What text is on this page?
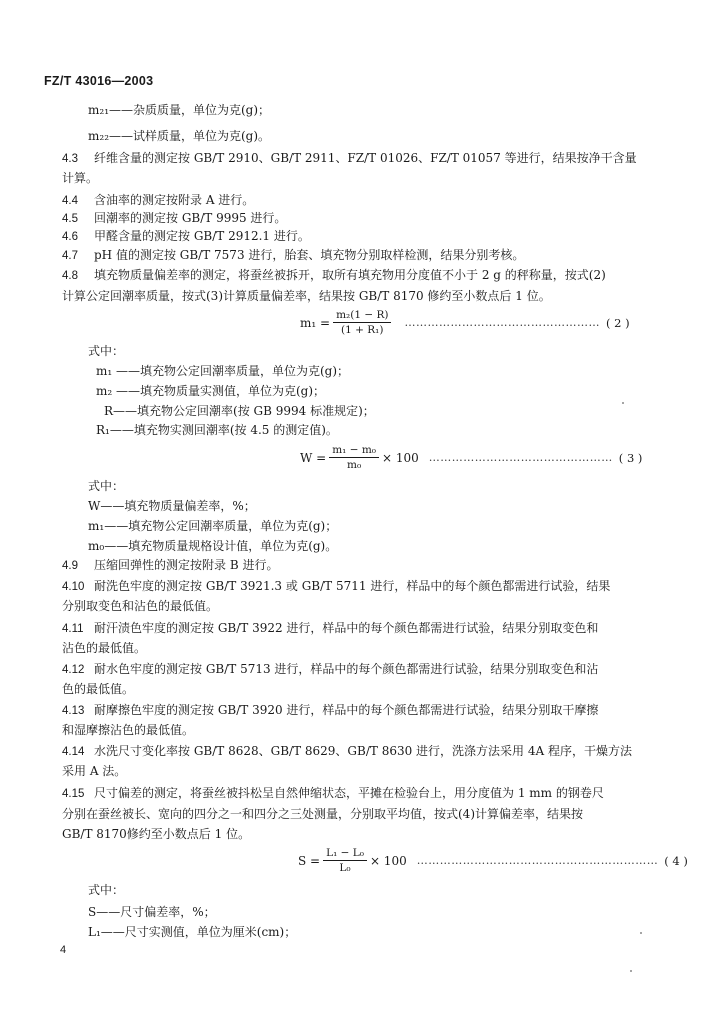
FZ/T 43016—2003
m₂₁——杂质质量，单位为克(g)；
m₂₂——试样质量，单位为克(g)。
4.3 纤维含量的测定按 GB/T 2910、GB/T 2911、FZ/T 01026、FZ/T 01057 等进行，结果按净干含量
计算。
4.4 含油率的测定按附录 A 进行。
4.5 回潮率的测定按 GB/T 9995 进行。
4.6 甲醛含量的测定按 GB/T 2912.1 进行。
4.7 pH 值的测定按 GB/T 7573 进行，胎套、填充物分别取样检测，结果分别考核。
4.8 填充物质量偏差率的测定，将蚕丝被拆开，取所有填充物用分度值不小于 2 g 的秤称量，按式(2)
计算公定回潮率质量，按式(3)计算质量偏差率，结果按 GB/T 8170 修约至小数点后 1 位。
$m_1 = \frac{\text{m₂(1 − R)}}{\text{(1 + R₁)}}$ …………………………………………… ( 2 )
式中：
m₁ ——填充物公定回潮率质量，单位为克(g)；
m₂ ——填充物质量实测值，单位为克(g)；
R——填充物公定回潮率(按 GB 9994 标准规定)；
R₁——填充物实测回潮率(按 4.5 的测定值)。
$W = \frac{\text{m₁ − m₀}}{\text{m₀}} \times 100$ ………………………………………… ( 3 )
式中：
W——填充物质量偏差率，%；
m₁——填充物公定回潮率质量，单位为克(g)；
m₀——填充物质量规格设计值，单位为克(g)。
4.9 压缩回弹性的测定按附录 B 进行。
4.10 耐洗色牢度的测定按 GB/T 3921.3 或 GB/T 5711 进行，样品中的每个颜色都需进行试验，结果
分别取变色和沾色的最低值。
4.11 耐汗渍色牢度的测定按 GB/T 3922 进行，样品中的每个颜色都需进行试验，结果分别取变色和
沾色的最低值。
4.12 耐水色牢度的测定按 GB/T 5713 进行，样品中的每个颜色都需进行试验，结果分别取变色和沾
色的最低值。
4.13 耐摩擦色牢度的测定按 GB/T 3920 进行，样品中的每个颜色都需进行试验，结果分别取干摩擦
和湿摩擦沾色的最低值。
4.14 水洗尺寸变化率按 GB/T 8628、GB/T 8629、GB/T 8630 进行，洗涤方法采用 4A 程序，干燥方法
采用 A 法。
4.15 尺寸偏差的测定，将蚕丝被抖松呈自然伸缩状态，平摊在检验台上，用分度值为 1 mm 的钢卷尺
分别在蚕丝被长、宽向的四分之一和四分之三处测量，分别取平均值，按式(4)计算偏差率，结果按
GB/T 8170修约至小数点后 1 位。
$S = \frac{\text{L₁ − L₀}}{\text{L₀}} \times 100$ ……………………………………………………… ( 4 )
式中：
S——尺寸偏差率，%；
L₁——尺寸实测值，单位为厘米(cm)；
4
